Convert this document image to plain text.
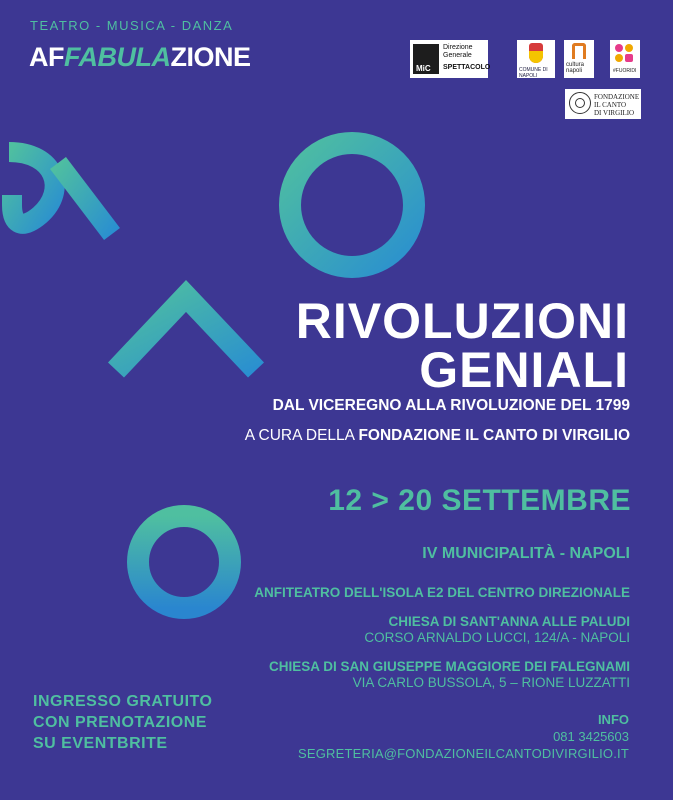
TEATRO - MUSICA - DANZA
AFFABULAZIONE	MiC
Direzione
Generale
SPETTACOLO	COMUNE DI NAPOLI
cultura
napoli	#FUORIDI
FONDAZIONE
IL CANTO
DI VIRGILIO
RIVOLUZIONI
GENIALI
DAL VICEREGNO ALLA RIVOLUZIONE DEL 1799
A CURA DELLA FONDAZIONE IL CANTO DI VIRGILIO
12 > 20 SETTEMBRE
IV MUNICIPALITÀ - NAPOLI
ANFITEATRO DELL'ISOLA E2 DEL CENTRO DIREZIONALE
CHIESA DI SANT'ANNA ALLE PALUDI
CORSO ARNALDO LUCCI, 124/A - NAPOLI
CHIESA DI SAN GIUSEPPE MAGGIORE DEI FALEGNAMI
VIA CARLO BUSSOLA, 5 – RIONE LUZZATTI
INGRESSO GRATUITO
CON PRENOTAZIONE
SU EVENTBRITE
INFO
081 3425603
SEGRETERIA@FONDAZIONEILCANTODIVIRGILIO.IT
